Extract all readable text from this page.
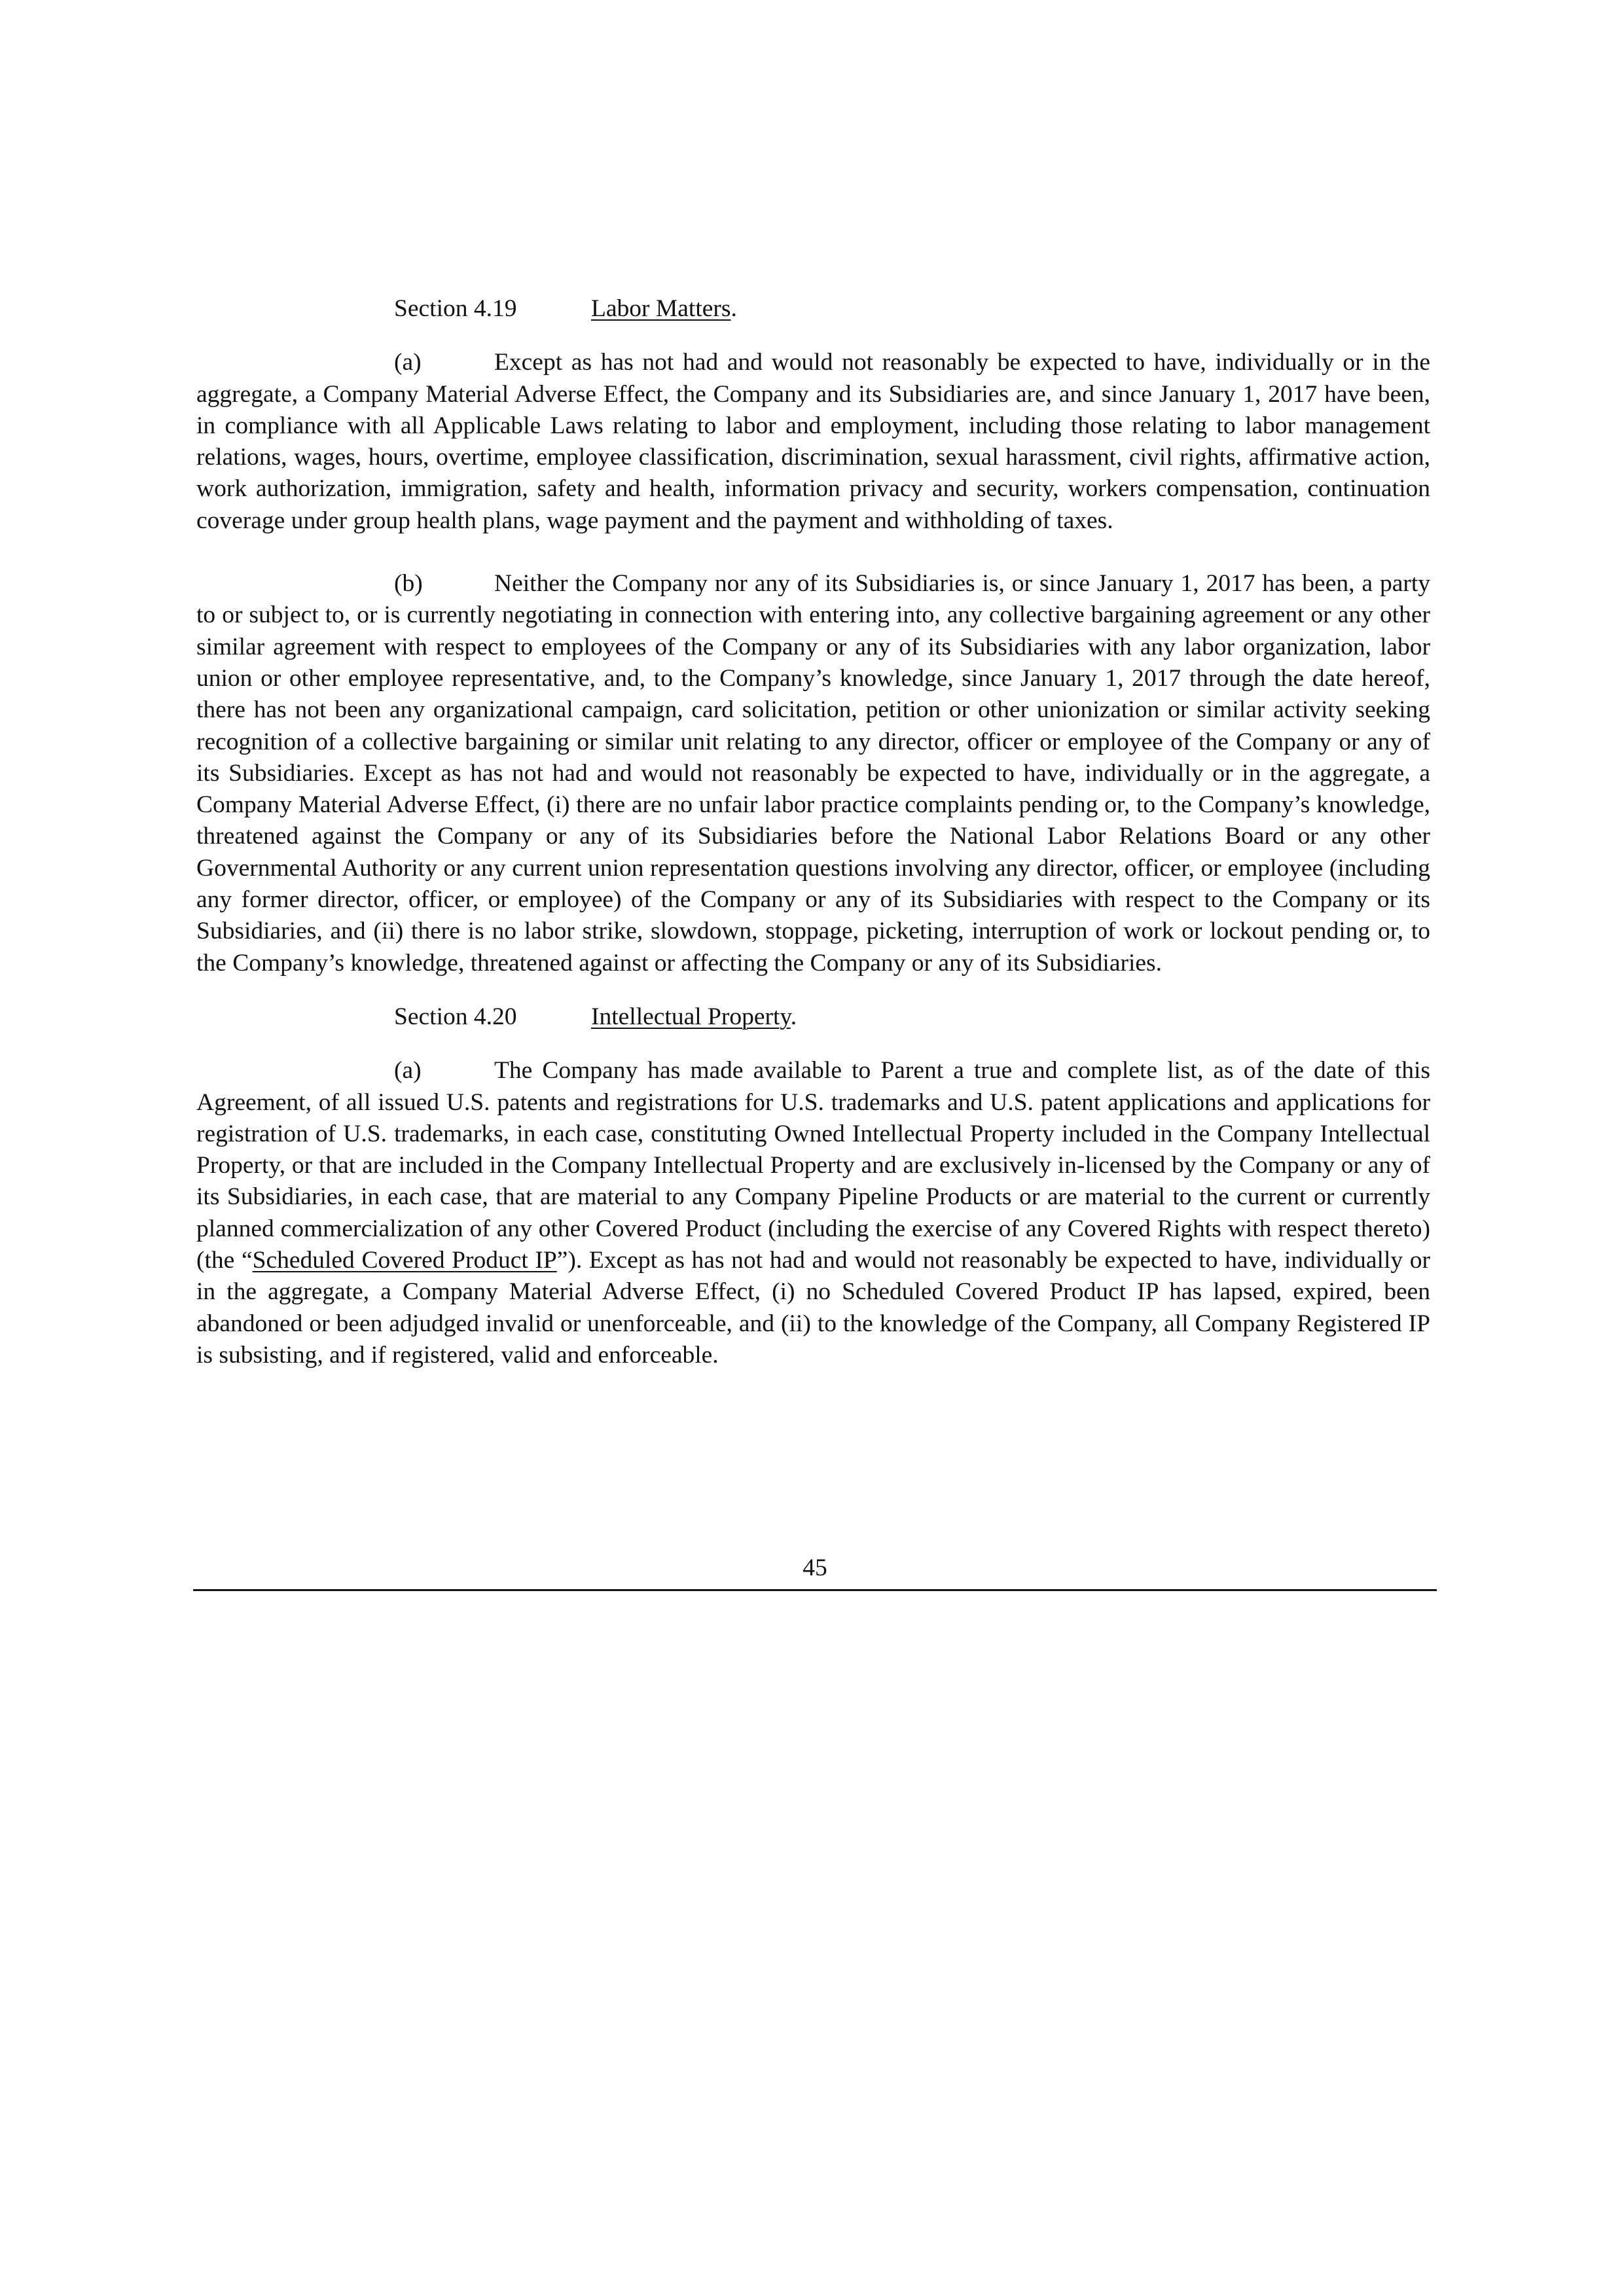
Section 4.19	Labor Matters.

(a)	Except as has not had and would not reasonably be expected to have, individually or in the aggregate, a Company Material Adverse Effect, the Company and its Subsidiaries are, and since January 1, 2017 have been, in compliance with all Applicable Laws relating to labor and employment, including those relating to labor management relations, wages, hours, overtime, employee classification, discrimination, sexual harassment, civil rights, affirmative action, work authorization, immigration, safety and health, information privacy and security, workers compensation, continuation coverage under group health plans, wage payment and the payment and withholding of taxes.

(b)	Neither the Company nor any of its Subsidiaries is, or since January 1, 2017 has been, a party to or subject to, or is currently negotiating in connection with entering into, any collective bargaining agreement or any other similar agreement with respect to employees of the Company or any of its Subsidiaries with any labor organization, labor union or other employee representative, and, to the Company’s knowledge, since January 1, 2017 through the date hereof, there has not been any organizational campaign, card solicitation, petition or other unionization or similar activity seeking recognition of a collective bargaining or similar unit relating to any director, officer or employee of the Company or any of its Subsidiaries. Except as has not had and would not reasonably be expected to have, individually or in the aggregate, a Company Material Adverse Effect, (i) there are no unfair labor practice complaints pending or, to the Company’s knowledge, threatened against the Company or any of its Subsidiaries before the National Labor Relations Board or any other Governmental Authority or any current union representation questions involving any director, officer, or employee (including any former director, officer, or employee) of the Company or any of its Subsidiaries with respect to the Company or its Subsidiaries, and (ii) there is no labor strike, slowdown, stoppage, picketing, interruption of work or lockout pending or, to the Company’s knowledge, threatened against or affecting the Company or any of its Subsidiaries.

Section 4.20	Intellectual Property.

(a)	The Company has made available to Parent a true and complete list, as of the date of this Agreement, of all issued U.S. patents and registrations for U.S. trademarks and U.S. patent applications and applications for registration of U.S. trademarks, in each case, constituting Owned Intellectual Property included in the Company Intellectual Property, or that are included in the Company Intellectual Property and are exclusively in-licensed by the Company or any of its Subsidiaries, in each case, that are material to any Company Pipeline Products or are material to the current or currently planned commercialization of any other Covered Product (including the exercise of any Covered Rights with respect thereto) (the “Scheduled Covered Product IP”). Except as has not had and would not reasonably be expected to have, individually or in the aggregate, a Company Material Adverse Effect, (i) no Scheduled Covered Product IP has lapsed, expired, been abandoned or been adjudged invalid or unenforceable, and (ii) to the knowledge of the Company, all Company Registered IP is subsisting, and if registered, valid and enforceable.

45
